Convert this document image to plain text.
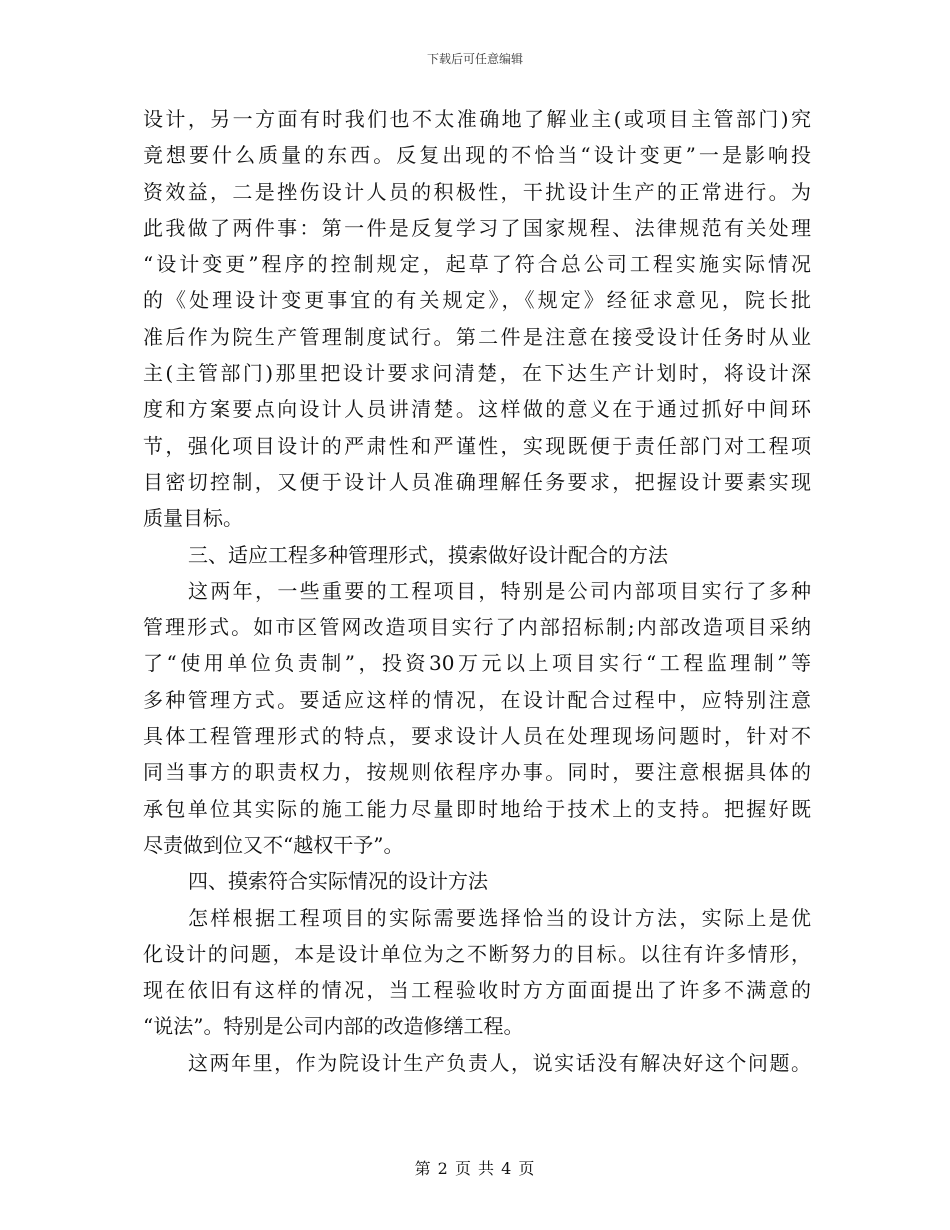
下载后可任意编辑
设计，另一方面有时我们也不太准确地了解业主(或项目主管部门)究
竟想要什么质量的东西。反复出现的不恰当“设计变更”一是影响投
资效益，二是挫伤设计人员的积极性，干扰设计生产的正常进行。为
此我做了两件事：第一件是反复学习了国家规程、法律规范有关处理
“设计变更”程序的控制规定，起草了符合总公司工程实施实际情况
的《处理设计变更事宜的有关规定》，《规定》经征求意见，院长批
准后作为院生产管理制度试行。第二件是注意在接受设计任务时从业
主(主管部门)那里把设计要求问清楚，在下达生产计划时，将设计深
度和方案要点向设计人员讲清楚。这样做的意义在于通过抓好中间环
节，强化项目设计的严肃性和严谨性，实现既便于责任部门对工程项
目密切控制，又便于设计人员准确理解任务要求，把握设计要素实现
质量目标。
三、适应工程多种管理形式，摸索做好设计配合的方法
这两年，一些重要的工程项目，特别是公司内部项目实行了多种
管理形式。如市区管网改造项目实行了内部招标制;内部改造项目采纳
了“使用单位负责制”，投资30万元以上项目实行“工程监理制”等
多种管理方式。要适应这样的情况，在设计配合过程中，应特别注意
具体工程管理形式的特点，要求设计人员在处理现场问题时，针对不
同当事方的职责权力，按规则依程序办事。同时，要注意根据具体的
承包单位其实际的施工能力尽量即时地给于技术上的支持。把握好既
尽责做到位又不“越权干予”。
四、摸索符合实际情况的设计方法
怎样根据工程项目的实际需要选择恰当的设计方法，实际上是优
化设计的问题，本是设计单位为之不断努力的目标。以往有许多情形，
现在依旧有这样的情况，当工程验收时方方面面提出了许多不满意的
“说法”。特别是公司内部的改造修缮工程。
这两年里，作为院设计生产负责人，说实话没有解决好这个问题。
第 2 页 共 4 页
